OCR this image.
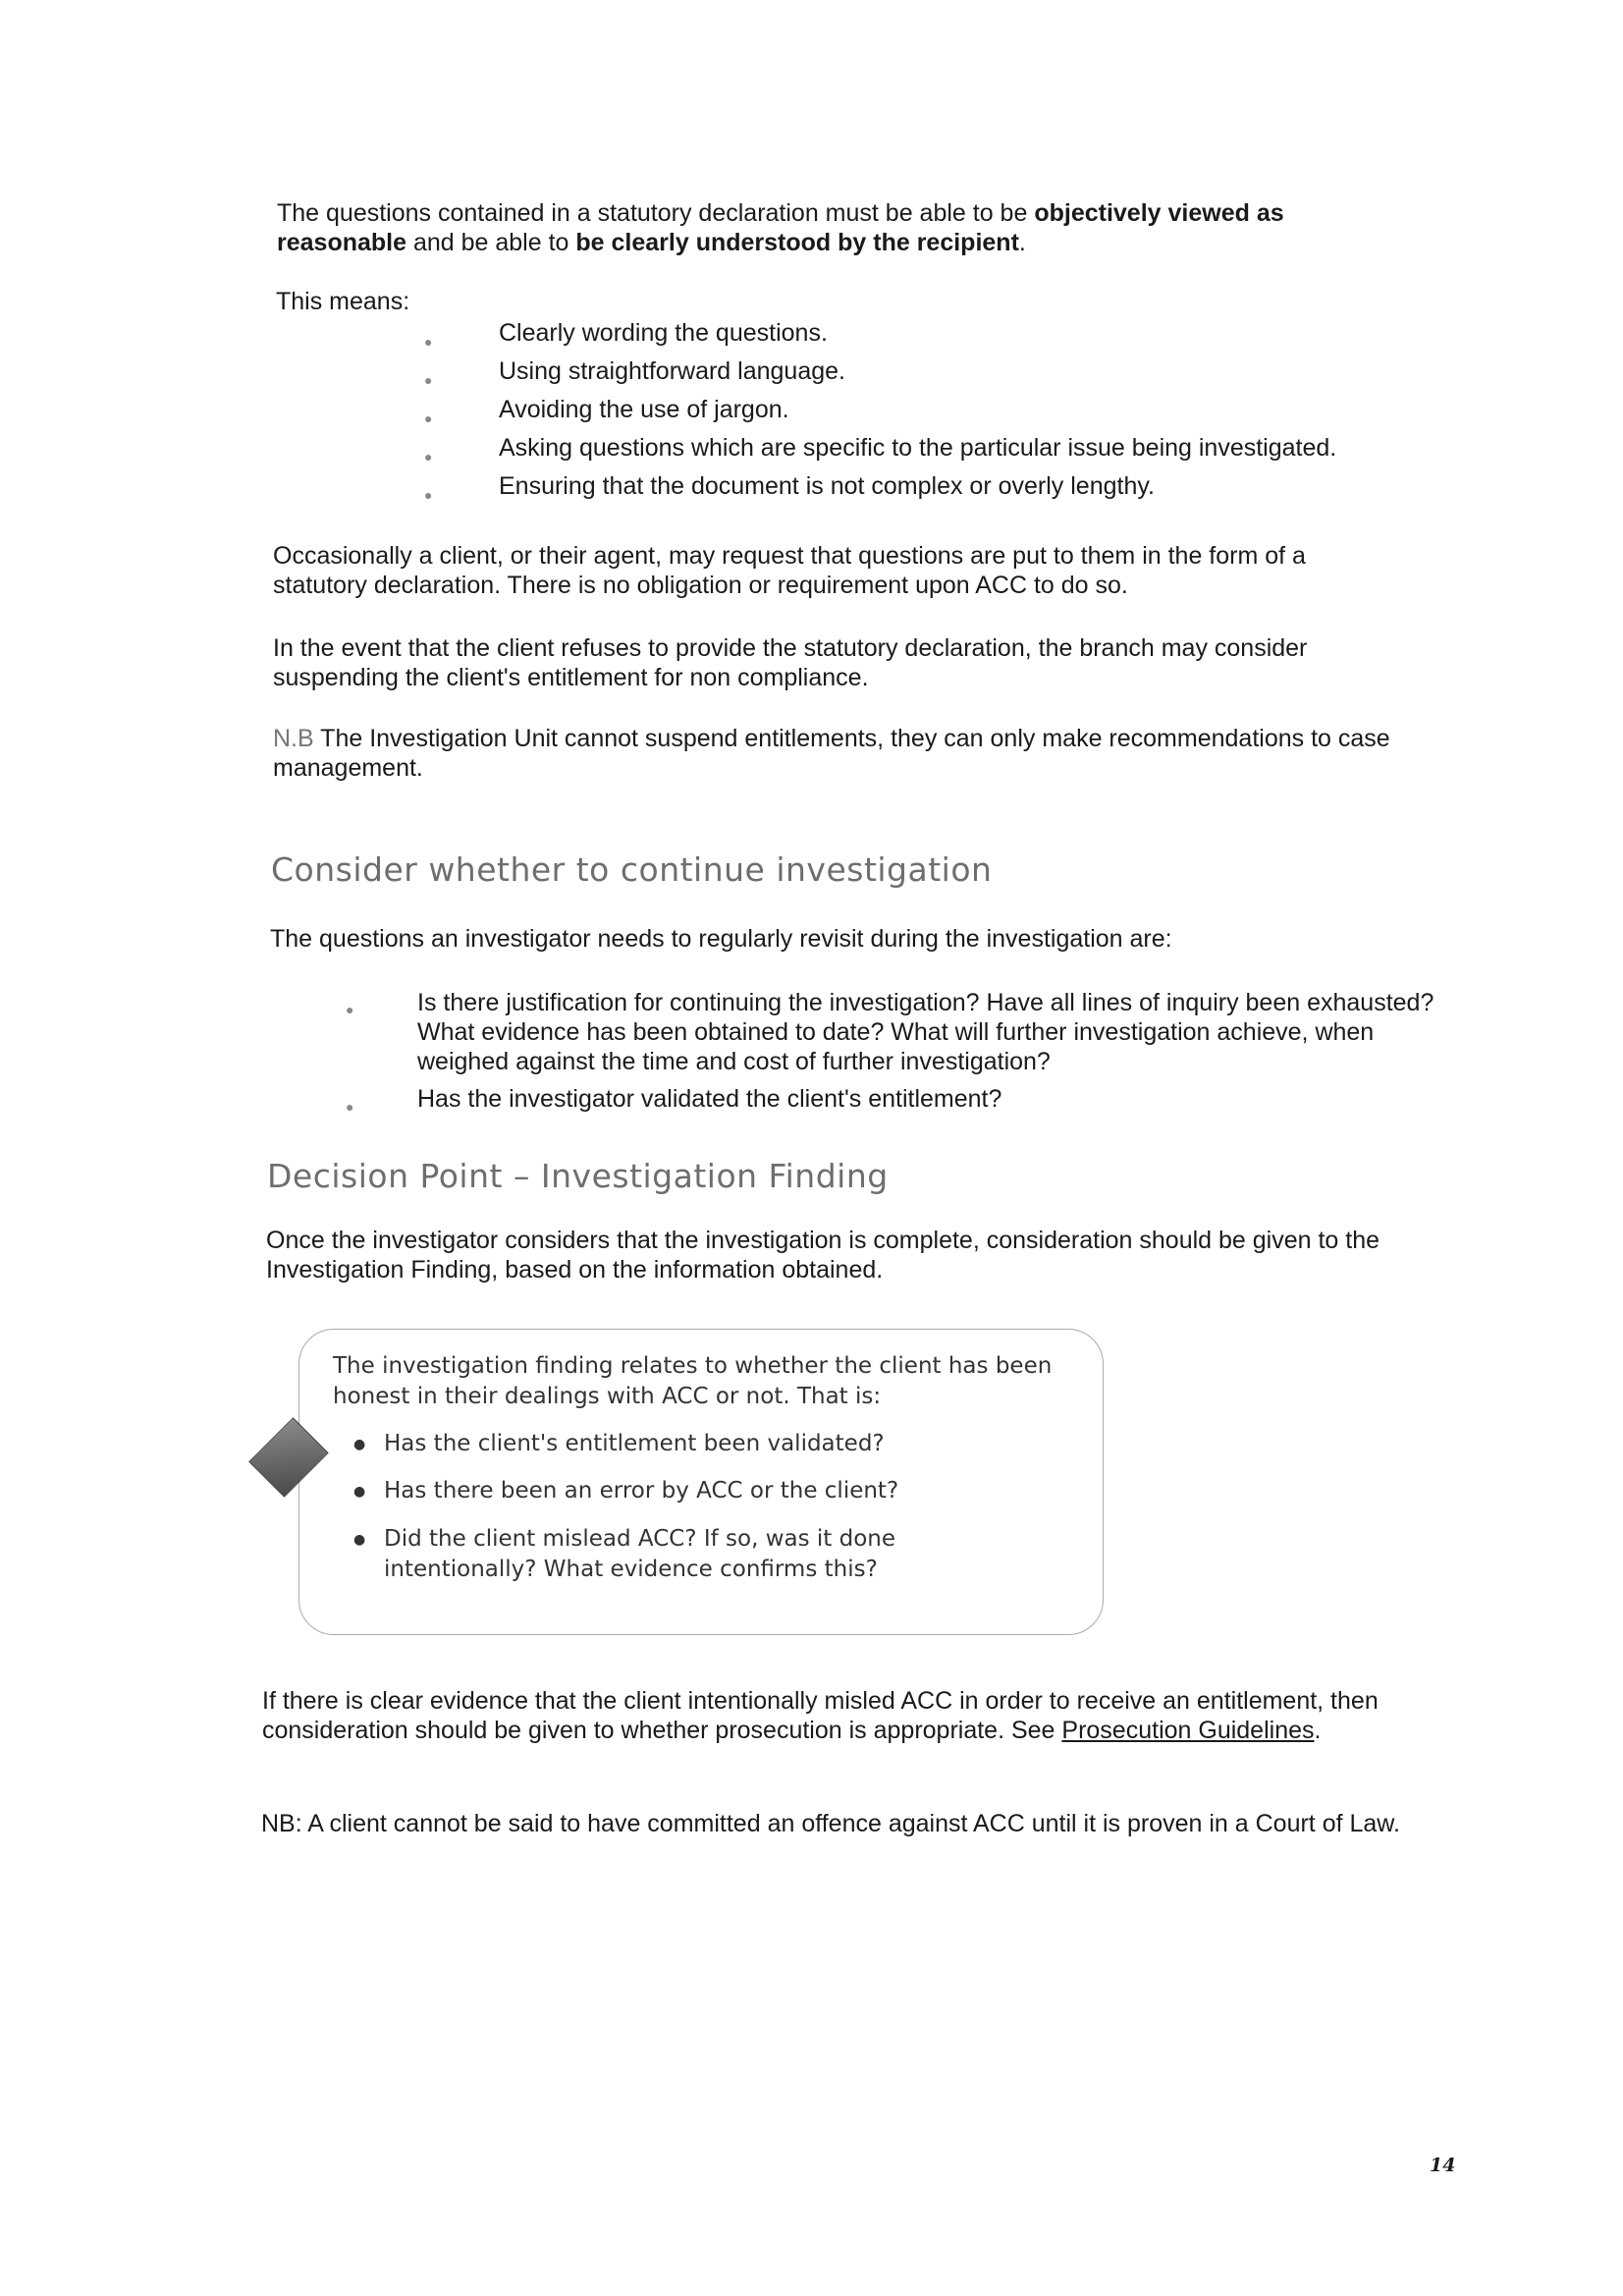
The questions contained in a statutory declaration must be able to be objectively viewed as reasonable and be able to be clearly understood by the recipient.
This means:
●	Clearly wording the questions.
●	Using straightforward language.
●	Avoiding the use of jargon.
●	Asking questions which are specific to the particular issue being investigated.
●	Ensuring that the document is not complex or overly lengthy.
Occasionally a client, or their agent, may request that questions are put to them in the form of a statutory declaration. There is no obligation or requirement upon ACC to do so.
In the event that the client refuses to provide the statutory declaration, the branch may consider suspending the client's entitlement for non compliance.
N.B The Investigation Unit cannot suspend entitlements, they can only make recommendations to case management.
Consider whether to continue investigation
The questions an investigator needs to regularly revisit during the investigation are:
●	Is there justification for continuing the investigation? Have all lines of inquiry been exhausted? What evidence has been obtained to date? What will further investigation achieve, when weighed against the time and cost of further investigation?
●	Has the investigator validated the client's entitlement?
Decision Point – Investigation Finding
Once the investigator considers that the investigation is complete, consideration should be given to the Investigation Finding, based on the information obtained.
The investigation finding relates to whether the client has been honest in their dealings with ACC or not. That is:
● Has the client's entitlement been validated?
● Has there been an error by ACC or the client?
● Did the client mislead ACC? If so, was it done intentionally? What evidence confirms this?
If there is clear evidence that the client intentionally misled ACC in order to receive an entitlement, then consideration should be given to whether prosecution is appropriate. See Prosecution Guidelines.
NB: A client cannot be said to have committed an offence against ACC until it is proven in a Court of Law.
14
